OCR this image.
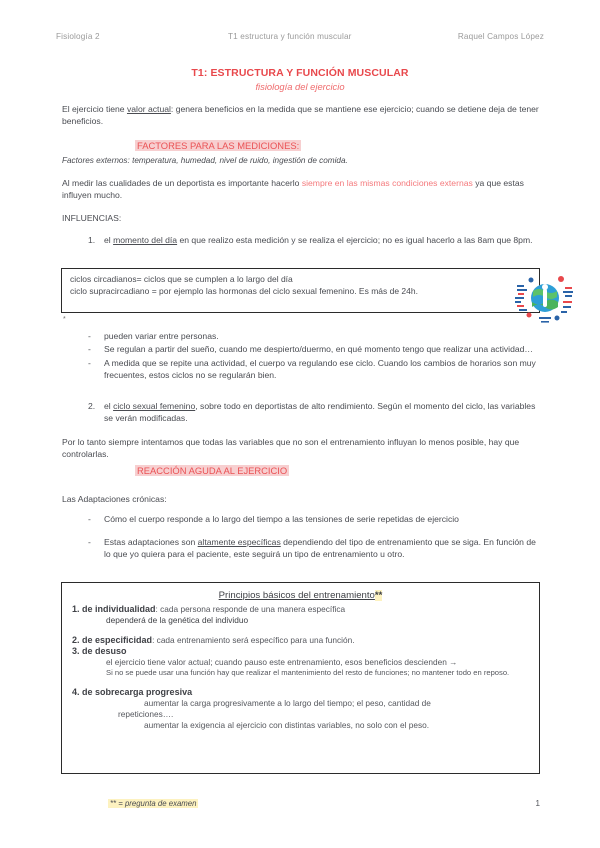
Fisiología 2	T1 estructura y función muscular	Raquel Campos López
T1: ESTRUCTURA Y FUNCIÓN MUSCULAR
fisiología del ejercicio
El ejercicio tiene valor actual: genera beneficios en la medida que se mantiene ese ejercicio; cuando se detiene deja de tener beneficios.
FACTORES PARA LAS MEDICIONES:
Factores externos: temperatura, humedad, nivel de ruido, ingestión de comida.
Al medir las cualidades de un deportista es importante hacerlo siempre en las mismas condiciones externas ya que estas influyen mucho.
INFLUENCIAS:
1. el momento del día en que realizo esta medición y se realiza el ejercicio; no es igual hacerlo a las 8am que 8pm.
ciclos circadianos= ciclos que se cumplen a lo largo del día
ciclo supracircadiano = por ejemplo las hormonas del ciclo sexual femenino. Es más de 24h.
*
- pueden variar entre personas.
- Se regulan a partir del sueño, cuando me despierto/duermo, en qué momento tengo que realizar una actividad…
- A medida que se repite una actividad, el cuerpo va regulando ese ciclo. Cuando los cambios de horarios son muy frecuentes, estos ciclos no se regularán bien.
2. el ciclo sexual femenino, sobre todo en deportistas de alto rendimiento. Según el momento del ciclo, las variables se verán modificadas.
Por lo tanto siempre intentamos que todas las variables que no son el entrenamiento influyan lo menos posible, hay que controlarlas.
REACCIÓN AGUDA AL EJERCICIO
Las Adaptaciones crónicas:
- Cómo el cuerpo responde a lo largo del tiempo a las tensiones de serie repetidas de ejercicio
- Estas adaptaciones son altamente específicas dependiendo del tipo de entrenamiento que se siga. En función de lo que yo quiera para el paciente, este seguirá un tipo de entrenamiento u otro.
Principios básicos del entrenamiento**
1. de individualidad: cada persona responde de una manera específica
dependerá de la genética del individuo
2. de especificidad: cada entrenamiento será específico para una función.
3. de desuso
el ejercicio tiene valor actual; cuando pauso este entrenamiento, esos beneficios descienden →
Si no se puede usar una función hay que realizar el mantenimiento del resto de funciones; no mantener todo en reposo.
4. de sobrecarga progresiva
aumentar la carga progresivamente a lo largo del tiempo; el peso, cantidad de
repeticiones….
aumentar la exigencia al ejercicio con distintas variables, no solo con el peso.
** = pregunta de examen	1
